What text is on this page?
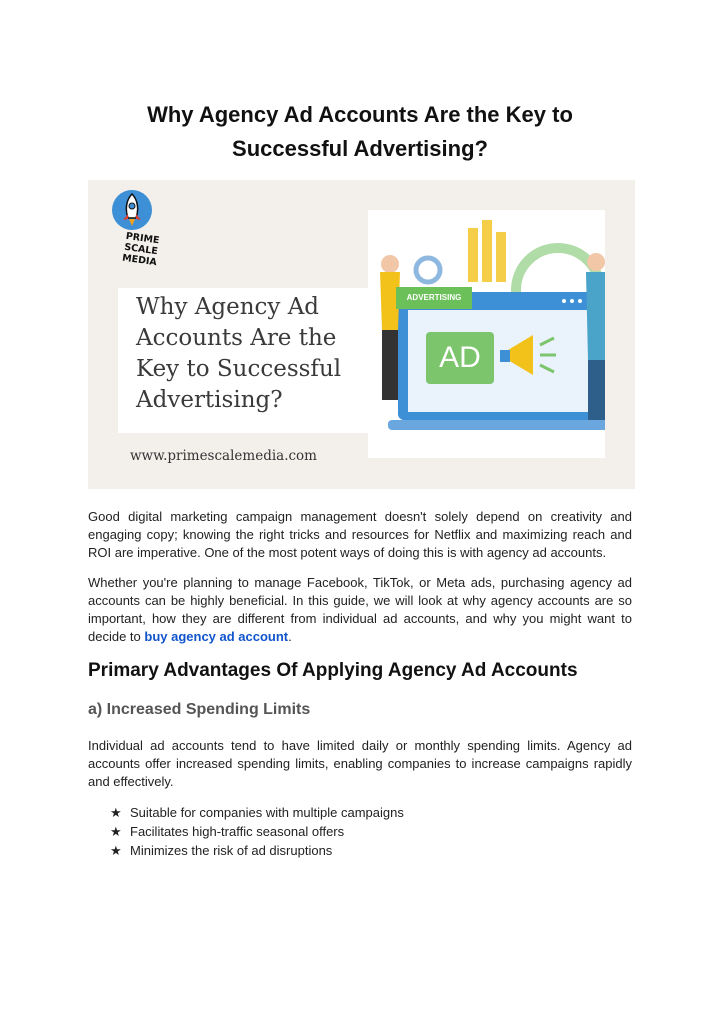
Why Agency Ad Accounts Are the Key to Successful Advertising?
PRIME SCALE MEDIA
Why Agency Ad Accounts Are the Key to Successful Advertising?
www.primescalemedia.com
ADVERTISING
AD

Good digital marketing campaign management doesn't solely depend on creativity and engaging copy; knowing the right tricks and resources for Netflix and maximizing reach and ROI are imperative. One of the most potent ways of doing this is with agency ad accounts.

Whether you're planning to manage Facebook, TikTok, or Meta ads, purchasing agency ad accounts can be highly beneficial. In this guide, we will look at why agency accounts are so important, how they are different from individual ad accounts, and why you might want to decide to buy agency ad account.

Primary Advantages Of Applying Agency Ad Accounts
a) Increased Spending Limits

Individual ad accounts tend to have limited daily or monthly spending limits. Agency ad accounts offer increased spending limits, enabling companies to increase campaigns rapidly and effectively.

★ Suitable for companies with multiple campaigns
★ Facilitates high-traffic seasonal offers
★ Minimizes the risk of ad disruptions
